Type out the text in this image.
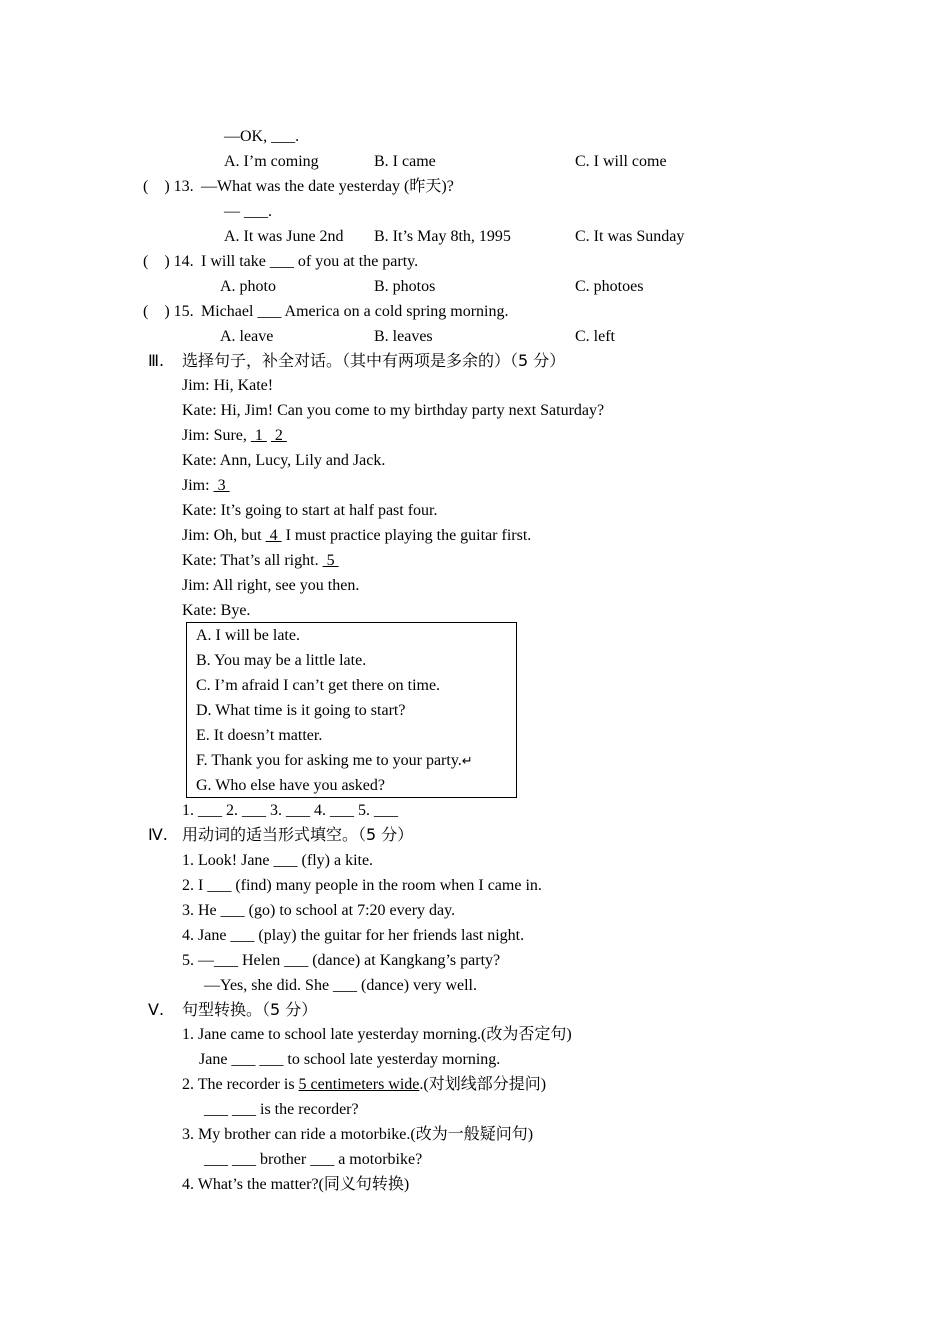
—OK, ___.
A. I’m coming	B. I came	C. I will come
(    ) 13. —What was the date yesterday (昨天)?
— ___.
A. It was June 2nd B. It’s May 8th, 1995	C. It was Sunday
(    ) 14. I will take ___ of you at the party.
A. photo	B. photos	C. photoes
(    ) 15. Michael ___ America on a cold spring morning.
A. leave	B. leaves	C. left
Ⅲ. 选择句子，补全对话。（其中有两项是多余的）（5 分）
Jim: Hi, Kate!
Kate: Hi, Jim! Can you come to my birthday party next Saturday?
Jim: Sure,  1   2
Kate: Ann, Lucy, Lily and Jack.
Jim:  3
Kate: It’s going to start at half past four.
Jim: Oh, but  4  I must practice playing the guitar first.
Kate: That’s all right.  5
Jim: All right, see you then.
Kate: Bye.
A. I will be late.
B. You may be a little late.
C. I’m afraid I can’t get there on time.
D. What time is it going to start?
E. It doesn’t matter.
F. Thank you for asking me to your party.↵
G. Who else have you asked?
1. ___ 2. ___ 3. ___ 4. ___ 5. ___
Ⅳ. 用动词的适当形式填空。（5 分）
1. Look! Jane ___ (fly) a kite.
2. I ___ (find) many people in the room when I came in.
3. He ___ (go) to school at 7:20 every day.
4. Jane ___ (play) the guitar for her friends last night.
5. —___ Helen ___ (dance) at Kangkang’s party?
—Yes, she did. She ___ (dance) very well.
Ⅴ. 句型转换。（5 分）
1. Jane came to school late yesterday morning.(改为否定句)
Jane ___ ___ to school late yesterday morning.
2. The recorder is 5 centimeters wide.(对划线部分提问)
___ ___ is the recorder?
3. My brother can ride a motorbike.(改为一般疑问句)
___ ___ brother ___ a motorbike?
4. What’s the matter?(同义句转换)
